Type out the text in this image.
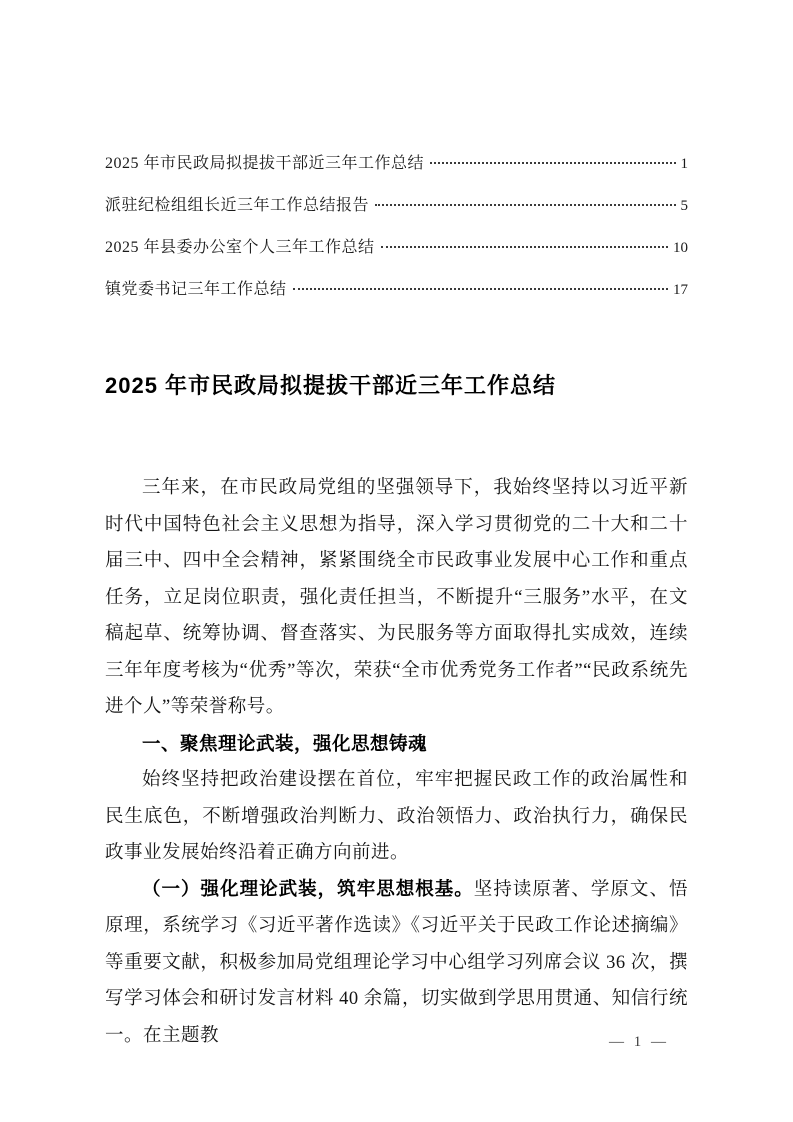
2025 年市民政局拟提拔干部近三年工作总结	1
派驻纪检组组长近三年工作总结报告	5
2025 年县委办公室个人三年工作总结	10
镇党委书记三年工作总结	17
2025 年市民政局拟提拔干部近三年工作总结

三年来，在市民政局党组的坚强领导下，我始终坚持以习近平新时代中国特色社会主义思想为指导，深入学习贯彻党的二十大和二十届三中、四中全会精神，紧紧围绕全市民政事业发展中心工作和重点任务，立足岗位职责，强化责任担当，不断提升“三服务”水平，在文稿起草、统筹协调、督查落实、为民服务等方面取得扎实成效，连续三年年度考核为“优秀”等次，荣获“全市优秀党务工作者”“民政系统先进个人”等荣誉称号。

一、聚焦理论武装，强化思想铸魂

始终坚持把政治建设摆在首位，牢牢把握民政工作的政治属性和民生底色，不断增强政治判断力、政治领悟力、政治执行力，确保民政事业发展始终沿着正确方向前进。

（一）强化理论武装，筑牢思想根基。坚持读原著、学原文、悟原理，系统学习《习近平著作选读》《习近平关于民政工作论述摘编》等重要文献，积极参加局党组理论学习中心组学习列席会议 36 次，撰写学习体会和研讨发言材料 40 余篇，切实做到学思用贯通、知信行统一。在主题教	— 1 —
